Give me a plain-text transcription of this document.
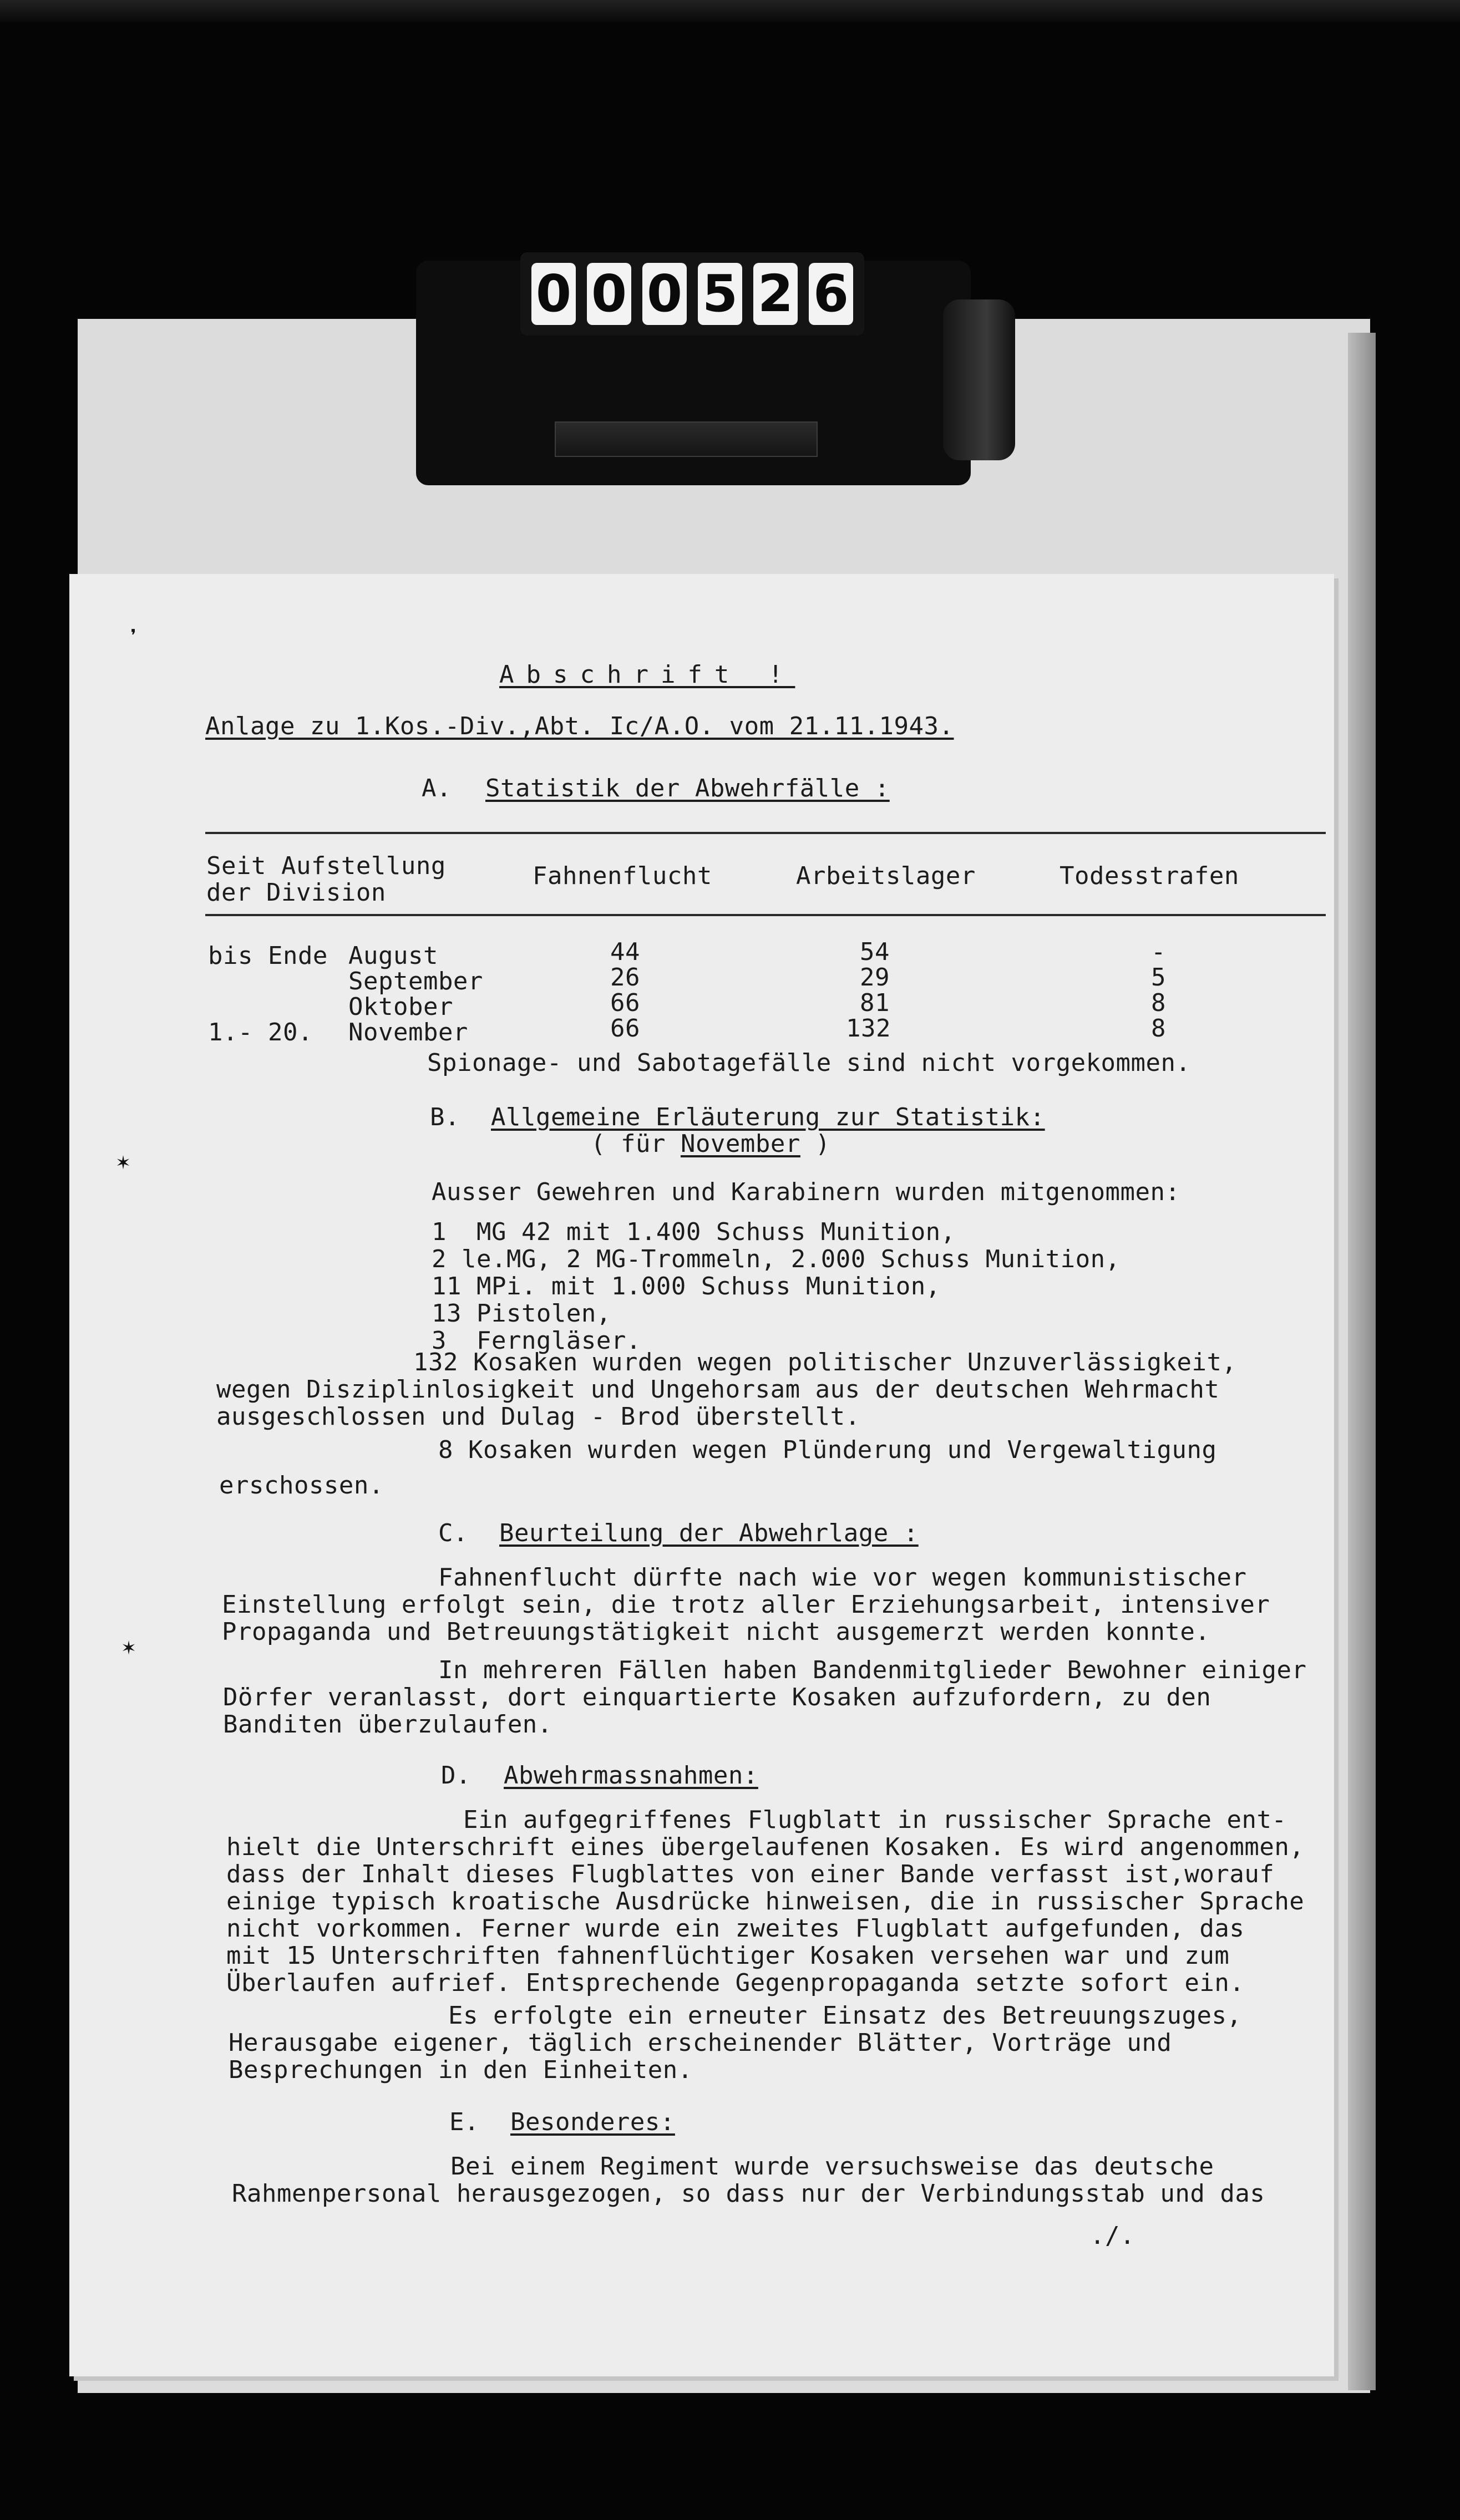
0 0 0 5 2 6
❜
✶
✶

Abschrift !

Anlage zu 1.Kos.-Div.,Abt. Ic/A.O. vom 21.11.1943.

A. Statistik der Abwehrfälle :

Seit Aufstellung

der Division

Fahnenflucht	Arbeitslager	Todesstrafen

bis Ende August	44	54	-

September	26	29	5

Oktober	66	81	8

1.- 20. November	66	132	8

Spionage- und Sabotagefälle sind nicht vorgekommen.

B. Allgemeine Erläuterung zur Statistik:

( für November )

Ausser Gewehren und Karabinern wurden mitgenommen:

1  MG 42 mit 1.400 Schuss Munition,

2 le.MG, 2 MG-Trommeln, 2.000 Schuss Munition,

11 MPi. mit 1.000 Schuss Munition,

13 Pistolen,

3  Ferngläser.

132 Kosaken wurden wegen politischer Unzuverlässigkeit,

wegen Disziplinlosigkeit und Ungehorsam aus der deutschen Wehrmacht

ausgeschlossen und Dulag - Brod überstellt.

8 Kosaken wurden wegen Plünderung und Vergewaltigung

erschossen.

C. Beurteilung der Abwehrlage :

Fahnenflucht dürfte nach wie vor wegen kommunistischer

Einstellung erfolgt sein, die trotz aller Erziehungsarbeit, intensiver

Propaganda und Betreuungstätigkeit nicht ausgemerzt werden konnte.

In mehreren Fällen haben Bandenmitglieder Bewohner einiger

Dörfer veranlasst, dort einquartierte Kosaken aufzufordern, zu den

Banditen überzulaufen.

D. Abwehrmassnahmen:

Ein aufgegriffenes Flugblatt in russischer Sprache ent-

hielt die Unterschrift eines übergelaufenen Kosaken. Es wird angenommen,

dass der Inhalt dieses Flugblattes von einer Bande verfasst ist,worauf

einige typisch kroatische Ausdrücke hinweisen, die in russischer Sprache

nicht vorkommen. Ferner wurde ein zweites Flugblatt aufgefunden, das

mit 15 Unterschriften fahnenflüchtiger Kosaken versehen war und zum

Überlaufen aufrief. Entsprechende Gegenpropaganda setzte sofort ein.

Es erfolgte ein erneuter Einsatz des Betreuungszuges,

Herausgabe eigener, täglich erscheinender Blätter, Vorträge und

Besprechungen in den Einheiten.

E. Besonderes:

Bei einem Regiment wurde versuchsweise das deutsche

Rahmenpersonal herausgezogen, so dass nur der Verbindungsstab und das

./.
